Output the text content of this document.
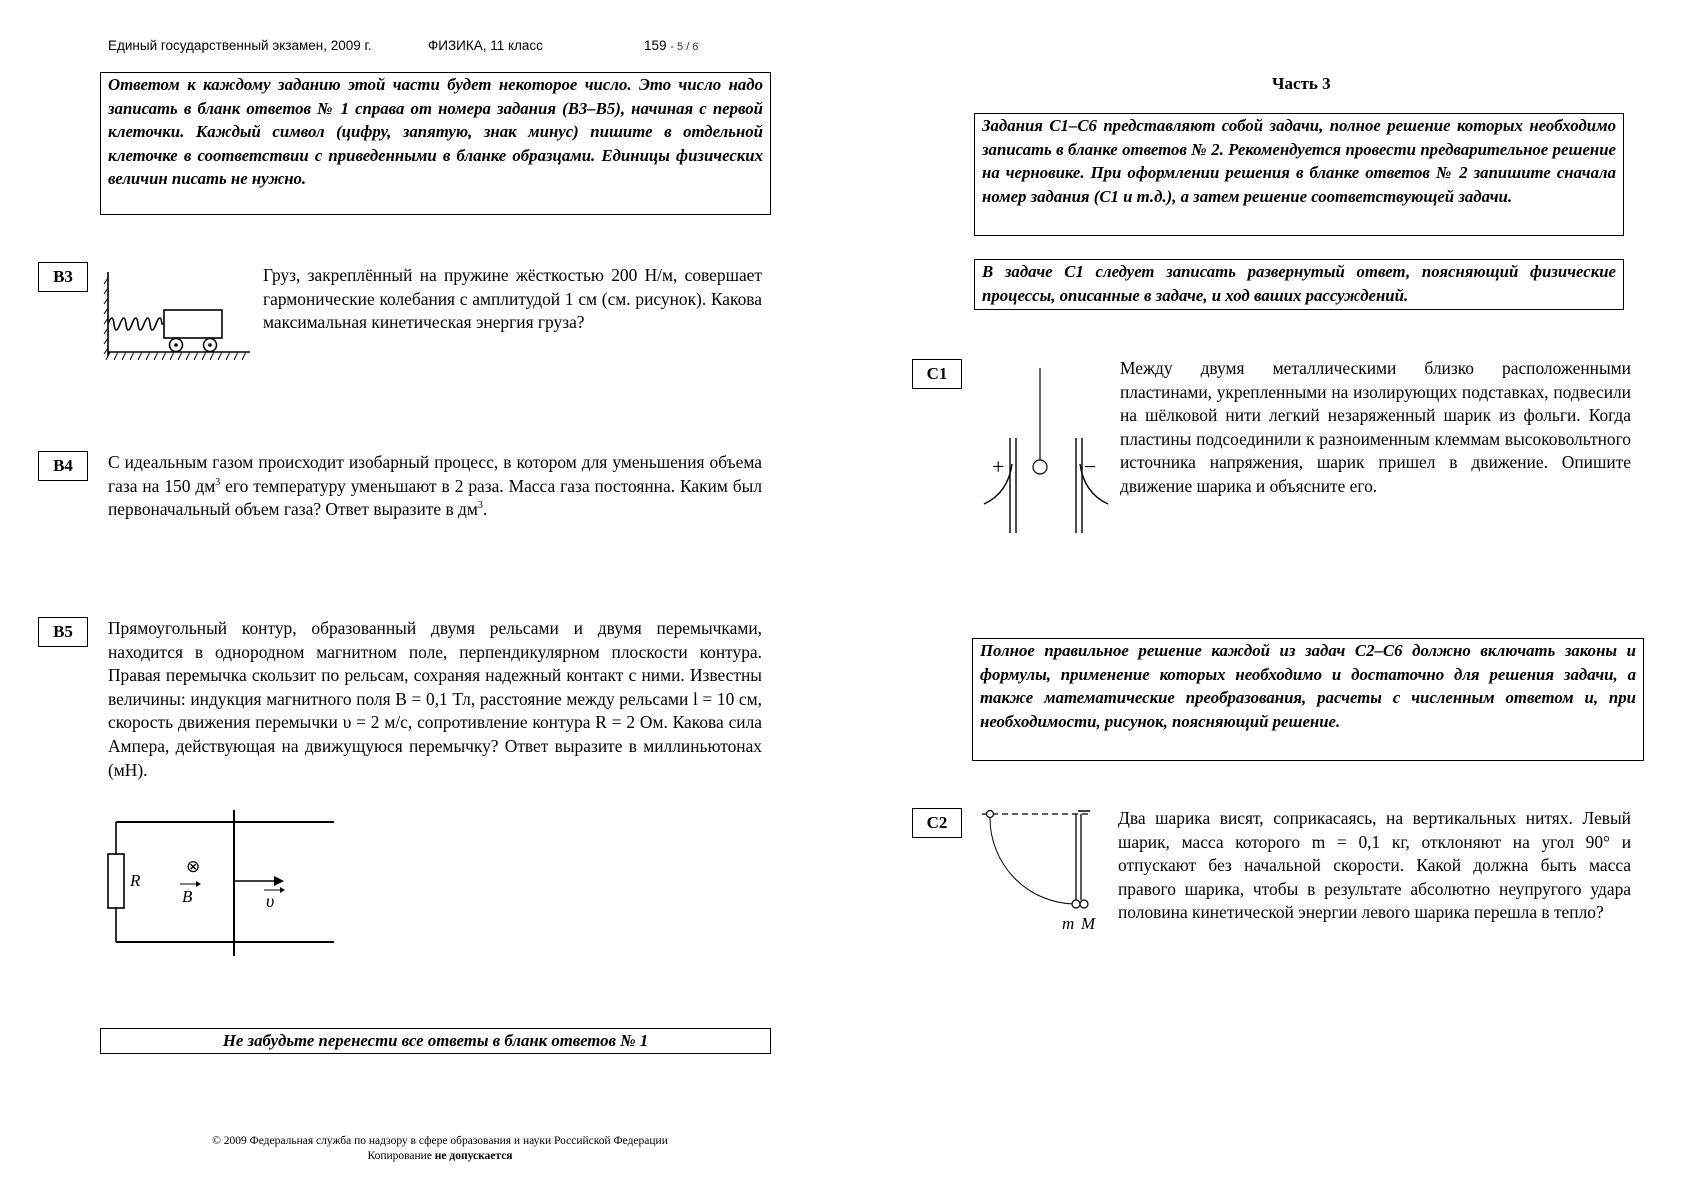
Единый государственный экзамен, 2009 г.	ФИЗИКА, 11 класс	159 - 5 / 6
Ответом к каждому заданию этой части будет некоторое число. Это число надо записать в бланк ответов № 1 справа от номера задания (В3–В5), начиная с первой клеточки. Каждый символ (цифру, запятую, знак минус) пишите в отдельной клеточке в соответствии с приведенными в бланке образцами. Единицы физических величин писать не нужно.
В3	Груз, закреплённый на пружине жёсткостью 200 Н/м, совершает гармонические колебания с амплитудой 1 см (см. рисунок). Какова максимальная кинетическая энергия груза?
В4	С идеальным газом происходит изобарный процесс, в котором для уменьшения объема газа на 150 $дм^3$ его температуру уменьшают в 2 раза. Масса газа постоянна. Каким был первоначальный объем газа? Ответ выразите в $дм^3$.
В5	Прямоугольный контур, образованный двумя рельсами и двумя перемычками, находится в однородном магнитном поле, перпендикулярном плоскости контура. Правая перемычка скользит по рельсам, сохраняя надежный контакт с ними. Известны величины: индукция магнитного поля B = 0,1 Тл, расстояние между рельсами l = 10 см, скорость движения перемычки υ = 2 м/с, сопротивление контура R = 2 Ом. Какова сила Ампера, действующая на движущуюся перемычку? Ответ выразите в миллиньютонах (мН).
R
⊗
B	υ
Не забудьте перенести все ответы в бланк ответов № 1
© 2009 Федеральная служба по надзору в сфере образования и науки Российской Федерации
Копирование не допускается
Часть 3
Задания С1–С6 представляют собой задачи, полное решение которых необходимо записать в бланке ответов № 2. Рекомендуется провести предварительное решение на черновике. При оформлении решения в бланке ответов № 2 запишите сначала номер задания (С1 и т.д.), а затем решение соответствующей задачи.
В задаче С1 следует записать развернутый ответ, поясняющий физические процессы, описанные в задаче, и ход ваших рассуждений.
С1
+	−
Между двумя металлическими близко расположенными пластинами, укрепленными на изолирующих подставках, подвесили на шёлковой нити легкий незаряженный шарик из фольги. Когда пластины подсоединили к разноименным клеммам высоковольтного источника напряжения, шарик пришел в движение. Опишите движение шарика и объясните его.
Полное правильное решение каждой из задач С2–С6 должно включать законы и формулы, применение которых необходимо и достаточно для решения задачи, а также математические преобразования, расчеты с численным ответом и, при необходимости, рисунок, поясняющий решение.
С2
m M
Два шарика висят, соприкасаясь, на вертикальных нитях. Левый шарик, масса которого m = 0,1 кг, отклоняют на угол 90° и отпускают без начальной скорости. Какой должна быть масса правого шарика, чтобы в результате абсолютно неупругого удара половина кинетической энергии левого шарика перешла в тепло?
